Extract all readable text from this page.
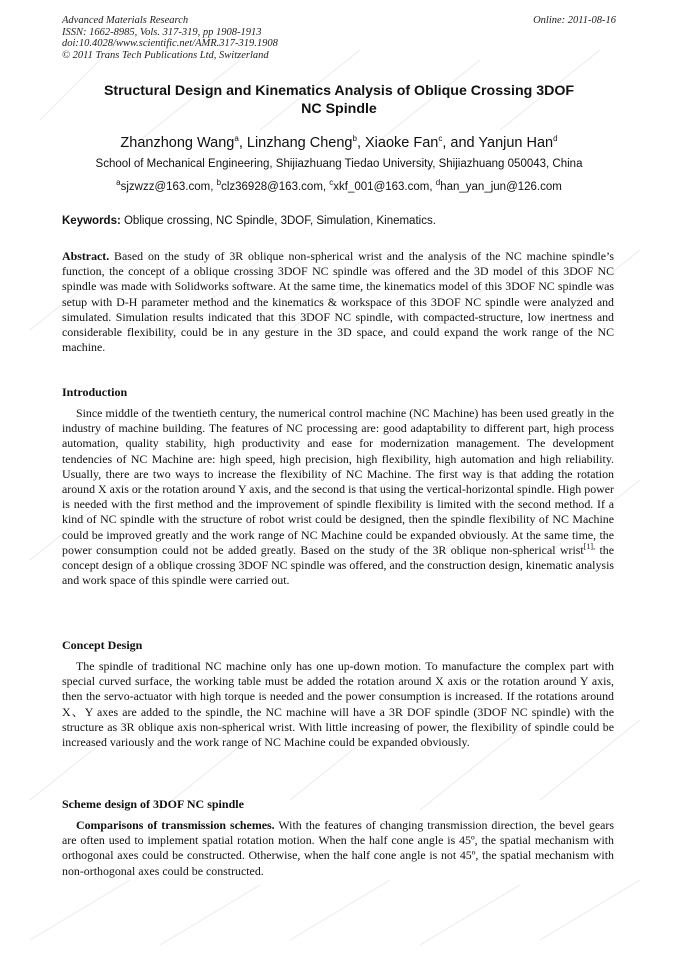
Advanced Materials Research
ISSN: 1662-8985, Vols. 317-319, pp 1908-1913
doi:10.4028/www.scientific.net/AMR.317-319.1908
© 2011 Trans Tech Publications Ltd, Switzerland
Online: 2011-08-16
Structural Design and Kinematics Analysis of Oblique Crossing 3DOF
NC Spindle
Zhanzhong Wang$^a$, Linzhang Cheng$^b$, Xiaoke Fan$^c$, and Yanjun Han$^d$
School of Mechanical Engineering, Shijiazhuang Tiedao University, Shijiazhuang 050043, China
$^a$sjzwzz@163.com, $^b$clz36928@163.com, $^c$xkf_001@163.com, $^d$han_yan_jun@126.com
Keywords: Oblique crossing, NC Spindle, 3DOF, Simulation, Kinematics.
Abstract. Based on the study of 3R oblique non-spherical wrist and the analysis of the NC machine spindle’s function, the concept of a oblique crossing 3DOF NC spindle was offered and the 3D model of this 3DOF NC spindle was made with Solidworks software. At the same time, the kinematics model of this 3DOF NC spindle was setup with D-H parameter method and the kinematics & workspace of this 3DOF NC spindle were analyzed and simulated. Simulation results indicated that this 3DOF NC spindle, with compacted-structure, low inertness and considerable flexibility, could be in any gesture in the 3D space, and could expand the work range of the NC machine.
Introduction
Since middle of the twentieth century, the numerical control machine (NC Machine) has been used greatly in the industry of machine building. The features of NC processing are: good adaptability to different part, high process automation, quality stability, high productivity and ease for modernization management. The development tendencies of NC Machine are: high speed, high precision, high flexibility, high automation and high reliability. Usually, there are two ways to increase the flexibility of NC Machine. The first way is that adding the rotation around X axis or the rotation around Y axis, and the second is that using the vertical-horizontal spindle. High power is needed with the first method and the improvement of spindle flexibility is limited with the second method. If a kind of NC spindle with the structure of robot wrist could be designed, then the spindle flexibility of NC Machine could be improved greatly and the work range of NC Machine could be expanded obviously. At the same time, the power consumption could not be added greatly. Based on the study of the 3R oblique non-spherical wrist$^{[1],}$ the concept design of a oblique crossing 3DOF NC spindle was offered, and the construction design, kinematic analysis and work space of this spindle were carried out.
Concept Design
The spindle of traditional NC machine only has one up-down motion. To manufacture the complex part with special curved surface, the working table must be added the rotation around X axis or the rotation around Y axis, then the servo-actuator with high torque is needed and the power consumption is increased. If the rotations around X、Y axes are added to the spindle, the NC machine will have a 3R DOF spindle (3DOF NC spindle) with the structure as 3R oblique axis non-spherical wrist. With little increasing of power, the flexibility of spindle could be increased variously and the work range of NC Machine could be expanded obviously.
Scheme design of 3DOF NC spindle
Comparisons of transmission schemes. With the features of changing transmission direction, the bevel gears are often used to implement spatial rotation motion. When the half cone angle is 45º, the spatial mechanism with orthogonal axes could be constructed. Otherwise, when the half cone angle is not 45º, the spatial mechanism with non-orthogonal axes could be constructed.
